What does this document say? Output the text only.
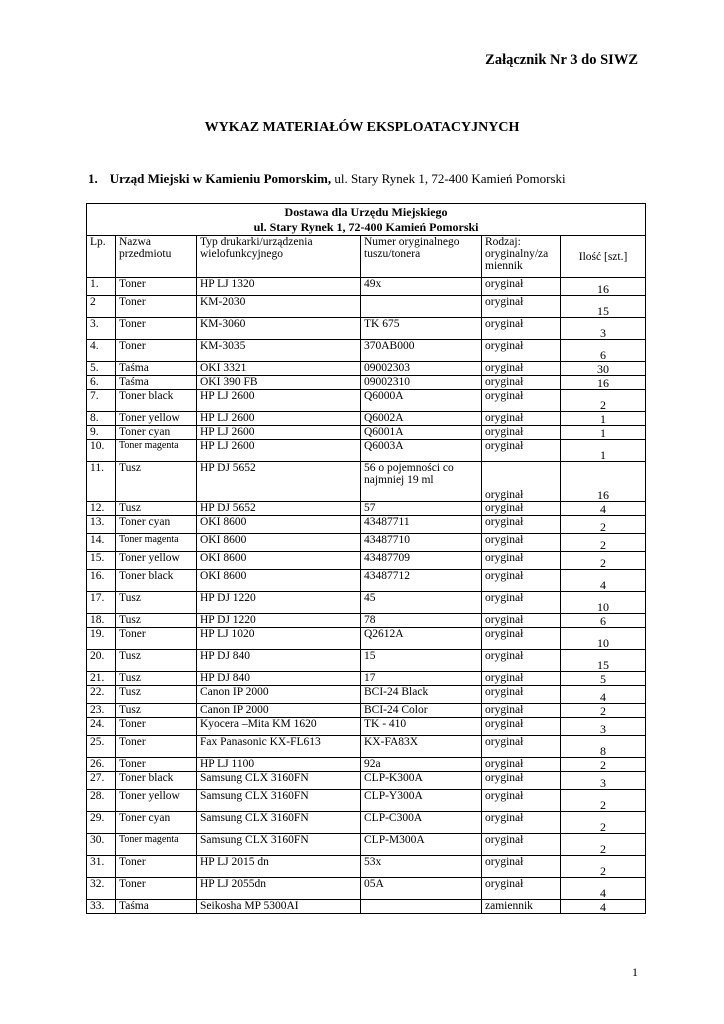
Załącznik Nr 3 do SIWZ
WYKAZ MATERIAŁÓW EKSPLOATACYJNYCH
1. Urząd Miejski w Kamieniu Pomorskim, ul. Stary Rynek 1, 72-400 Kamień Pomorski
Dostawa dla Urzędu Miejskiego
ul. Stary Rynek 1, 72-400 Kamień Pomorski					

Lp.	Nazwa przedmiotu	Typ drukarki/urządzenia wielofunkcyjnego	Numer oryginalnego tuszu/tonera	Rodzaj: oryginalny/za miennik	Ilość [szt.]
1.	Toner	HP LJ 1320	49x	oryginał	16
2	Toner	KM-2030		oryginał	15
3.	Toner	KM-3060	TK 675	oryginał	3
4.	Toner	KM-3035	370AB000	oryginał	6
5.	Taśma	OKI 3321	09002303	oryginał	30
6.	Taśma	OKI 390 FB	09002310	oryginał	16
7.	Toner black	HP LJ 2600	Q6000A	oryginał	2
8.	Toner yellow	HP LJ 2600	Q6002A	oryginał	1
9.	Toner cyan	HP LJ 2600	Q6001A	oryginał	1
10.	Toner magenta	HP LJ 2600	Q6003A	oryginał	1
11.	Tusz	HP DJ 5652	56 o pojemności co najmniej 19 ml	oryginał	16
12.	Tusz	HP DJ 5652	57	oryginał	4
13.	Toner cyan	OKI 8600	43487711	oryginał	2
14.	Toner magenta	OKI 8600	43487710	oryginał	2
15.	Toner yellow	OKI 8600	43487709	oryginał	2
16.	Toner black	OKI 8600	43487712	oryginał	4
17.	Tusz	HP DJ 1220	45	oryginał	10
18.	Tusz	HP DJ 1220	78	oryginał	6
19.	Toner	HP LJ 1020	Q2612A	oryginał	10
20.	Tusz	HP DJ 840	15	oryginał	15
21.	Tusz	HP DJ 840	17	oryginał	5
22.	Tusz	Canon IP 2000	BCI-24 Black	oryginał	4
23.	Tusz	Canon IP 2000	BCI-24 Color	oryginał	2
24.	Toner	Kyocera –Mita KM 1620	TK - 410	oryginał	3
25.	Toner	Fax Panasonic KX-FL613	KX-FA83X	oryginał	8
26.	Toner	HP LJ 1100	92a	oryginał	2
27.	Toner black	Samsung CLX 3160FN	CLP-K300A	oryginał	3
28.	Toner yellow	Samsung CLX 3160FN	CLP-Y300A	oryginał	2
29.	Toner cyan	Samsung CLX 3160FN	CLP-C300A	oryginał	2
30.	Toner magenta	Samsung CLX 3160FN	CLP-M300A	oryginał	2
31.	Toner	HP LJ 2015 dn	53x	oryginał	2
32.	Toner	HP LJ 2055dn	05A	oryginał	4
33.	Taśma	Seikosha MP 5300AI		zamiennik	4
1
